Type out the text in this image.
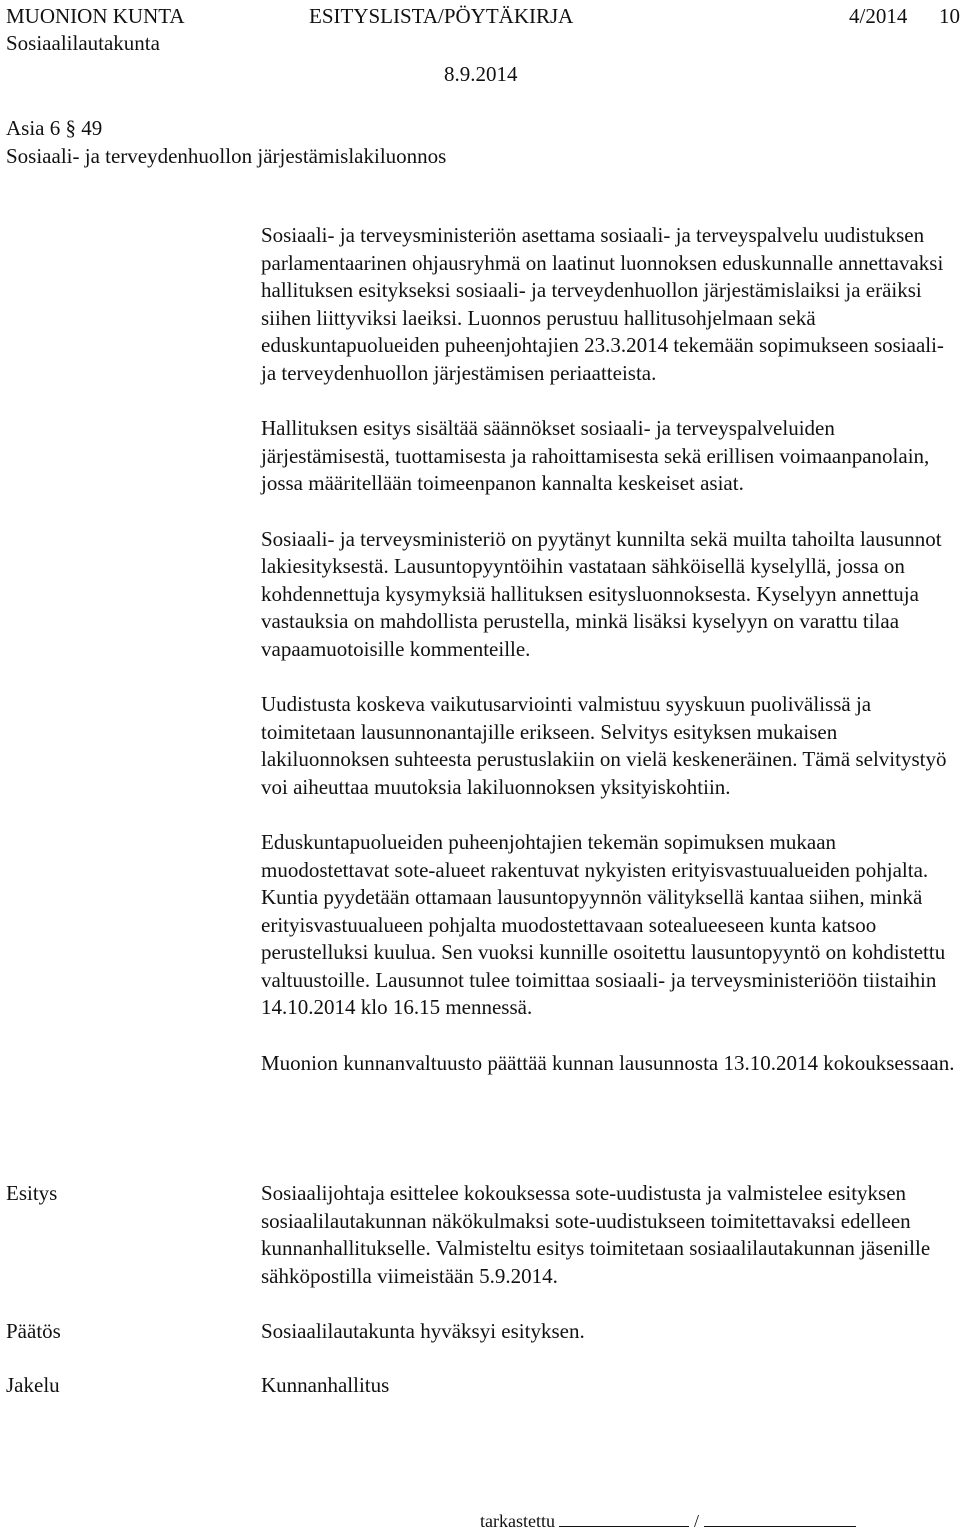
MUONION KUNTA	ESITYSLISTA/PÖYTÄKIRJA	4/2014 10
Sosiaalilautakunta
8.9.2014
Asia 6 § 49
Sosiaali- ja terveydenhuollon järjestämislakiluonnos

Sosiaali- ja terveysministeriön asettama sosiaali- ja terveyspalvelu uudistuksen parlamentaarinen ohjausryhmä on laatinut luonnoksen eduskunnalle annettavaksi hallituksen esitykseksi sosiaali- ja terveydenhuollon järjestämislaiksi ja eräiksi siihen liittyviksi laeiksi. Luonnos perustuu hallitusohjelmaan sekä eduskuntapuolueiden puheenjohtajien 23.3.2014 tekemään sopimukseen sosiaali- ja terveydenhuollon järjestämisen periaatteista.

Hallituksen esitys sisältää säännökset sosiaali- ja terveyspalveluiden järjestämisestä, tuottamisesta ja rahoittamisesta sekä erillisen voimaanpanolain, jossa määritellään toimeenpanon kannalta keskeiset asiat.

Sosiaali- ja terveysministeriö on pyytänyt kunnilta sekä muilta tahoilta lausunnot lakiesityksestä. Lausuntopyyntöihin vastataan sähköisellä kyselyllä, jossa on kohdennettuja kysymyksiä hallituksen esitysluonnoksesta. Kyselyyn annettuja vastauksia on mahdollista perustella, minkä lisäksi kyselyyn on varattu tilaa vapaamuotoisille kommenteille.

Uudistusta koskeva vaikutusarviointi valmistuu syyskuun puolivälissä ja toimitetaan lausunnonantajille erikseen. Selvitys esityksen mukaisen lakiluonnoksen suhteesta perustuslakiin on vielä keskeneräinen. Tämä selvitystyö voi aiheuttaa muutoksia lakiluonnoksen yksityiskohtiin.

Eduskuntapuolueiden puheenjohtajien tekemän sopimuksen mukaan muodostettavat sote-alueet rakentuvat nykyisten erityisvastuualueiden pohjalta. Kuntia pyydetään ottamaan lausuntopyynnön välityksellä kantaa siihen, minkä erityisvastuualueen pohjalta muodostettavaan sotealueeseen kunta katsoo perustelluksi kuulua. Sen vuoksi kunnille osoitettu lausuntopyyntö on kohdistettu valtuustoille. Lausunnot tulee toimittaa sosiaali- ja terveysministeriöön tiistaihin 14.10.2014 klo 16.15 mennessä.

Muonion kunnanvaltuusto päättää kunnan lausunnosta 13.10.2014 kokouksessaan.

Esitys	Sosiaalijohtaja esittelee kokouksessa sote-uudistusta ja valmistelee esityksen sosiaalilautakunnan näkökulmaksi sote-uudistukseen toimitettavaksi edelleen kunnanhallitukselle. Valmisteltu esitys toimitetaan sosiaalilautakunnan jäsenille sähköpostilla viimeistään 5.9.2014.
Päätös	Sosiaalilautakunta hyväksyi esityksen.
Jakelu	Kunnanhallitus
tarkastettu	/
